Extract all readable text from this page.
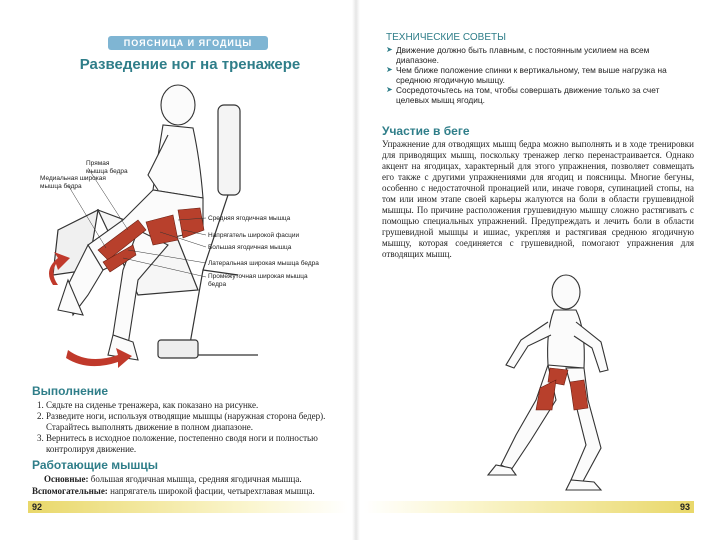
ПОЯСНИЦА И ЯГОДИЦЫ
Разведение ног на тренажере
Прямая
мышца бедра
Медиальная широкая
мышца бедра
Средняя ягодичная мышца
Напрягатель широкой фасции
Большая ягодичная мышца
Латеральная широкая мышца бедра
Промежуточная широкая мышца
бедра
Выполнение
1. Сядьте на сиденье тренажера, как показано на рисунке.
2. Разведите ноги, используя отводящие мышцы (наружная сторона бедер). Старайтесь выполнять движение в полном диапазоне.
3. Вернитесь в исходное положение, постепенно сводя ноги и полностью контролируя движение.
Работающие мышцы
Основные: большая ягодичная мышца, средняя ягодичная мышца.
Вспомогательные: напрягатель широкой фасции, четырехглавая мышца.
92
ТЕХНИЧЕСКИЕ СОВЕТЫ
➤ Движение должно быть плавным, с постоянным усилием на всем диапазоне.
➤ Чем ближе положение спинки к вертикальному, тем выше нагрузка на среднюю ягодичную мышцу.
➤ Сосредоточьтесь на том, чтобы совершать движение только за счет целевых мышц ягодиц.
Участие в беге
Упражнение для отводящих мышц бедра можно выполнять и в ходе тренировки для приводящих мышц, поскольку тренажер легко перенастраивается. Однако акцент на ягодицах, характерный для этого упражнения, позволяет совмещать его также с другими упражнениями для ягодиц и поясницы. Многие бегуны, особенно с недостаточной пронацией или, иначе говоря, супинацией стопы, на том или ином этапе своей карьеры жалуются на боли в области грушевидной мышцы. По причине расположения грушевидную мышцу сложно растягивать с помощью специальных упражнений. Предупреждать и лечить боли в области грушевидной мышцы и ишиас, укрепляя и растягивая среднюю ягодичную мышцу, которая соединяется с грушевидной, помогают упражнения для отводящих мышц.
93
